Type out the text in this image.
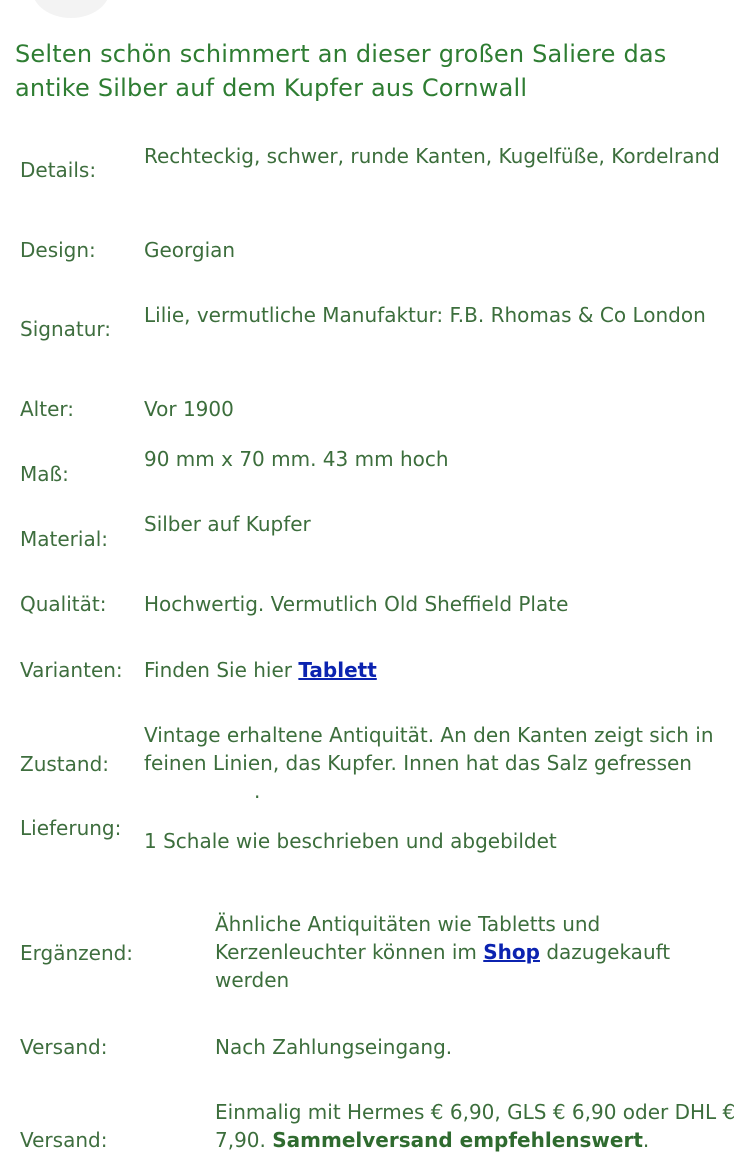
Selten schön schimmert an dieser großen Saliere das antike Silber auf dem Kupfer aus Cornwall
Details:
Rechteckig, schwer, runde Kanten, Kugelfüße, Kordelrand
Design: Georgian
Signatur:
Lilie, vermutliche Manufaktur: F.B. Rhomas & Co London
Alter:	Vor 1900
Maß:
90 mm x 70 mm. 43 mm hoch
Material:
Silber auf Kupfer
Qualität: Hochwertig. Vermutlich Old Sheffield Plate
Varianten: Finden Sie hier Tablett
Zustand:
Vintage erhaltene Antiquität. An den Kanten zeigt sich in feinen Linien, das Kupfer. Innen hat das Salz gefressen.
Lieferung:
1 Schale wie beschrieben und abgebildet
Ergänzend:
Ähnliche Antiquitäten wie Tabletts und Kerzenleuchter können im Shop dazugekauft werden
Versand:	Nach Zahlungseingang.
Versand:
Einmalig mit Hermes € 6,90, GLS € 6,90 oder DHL € 7,90. Sammelversand empfehlenswert.
